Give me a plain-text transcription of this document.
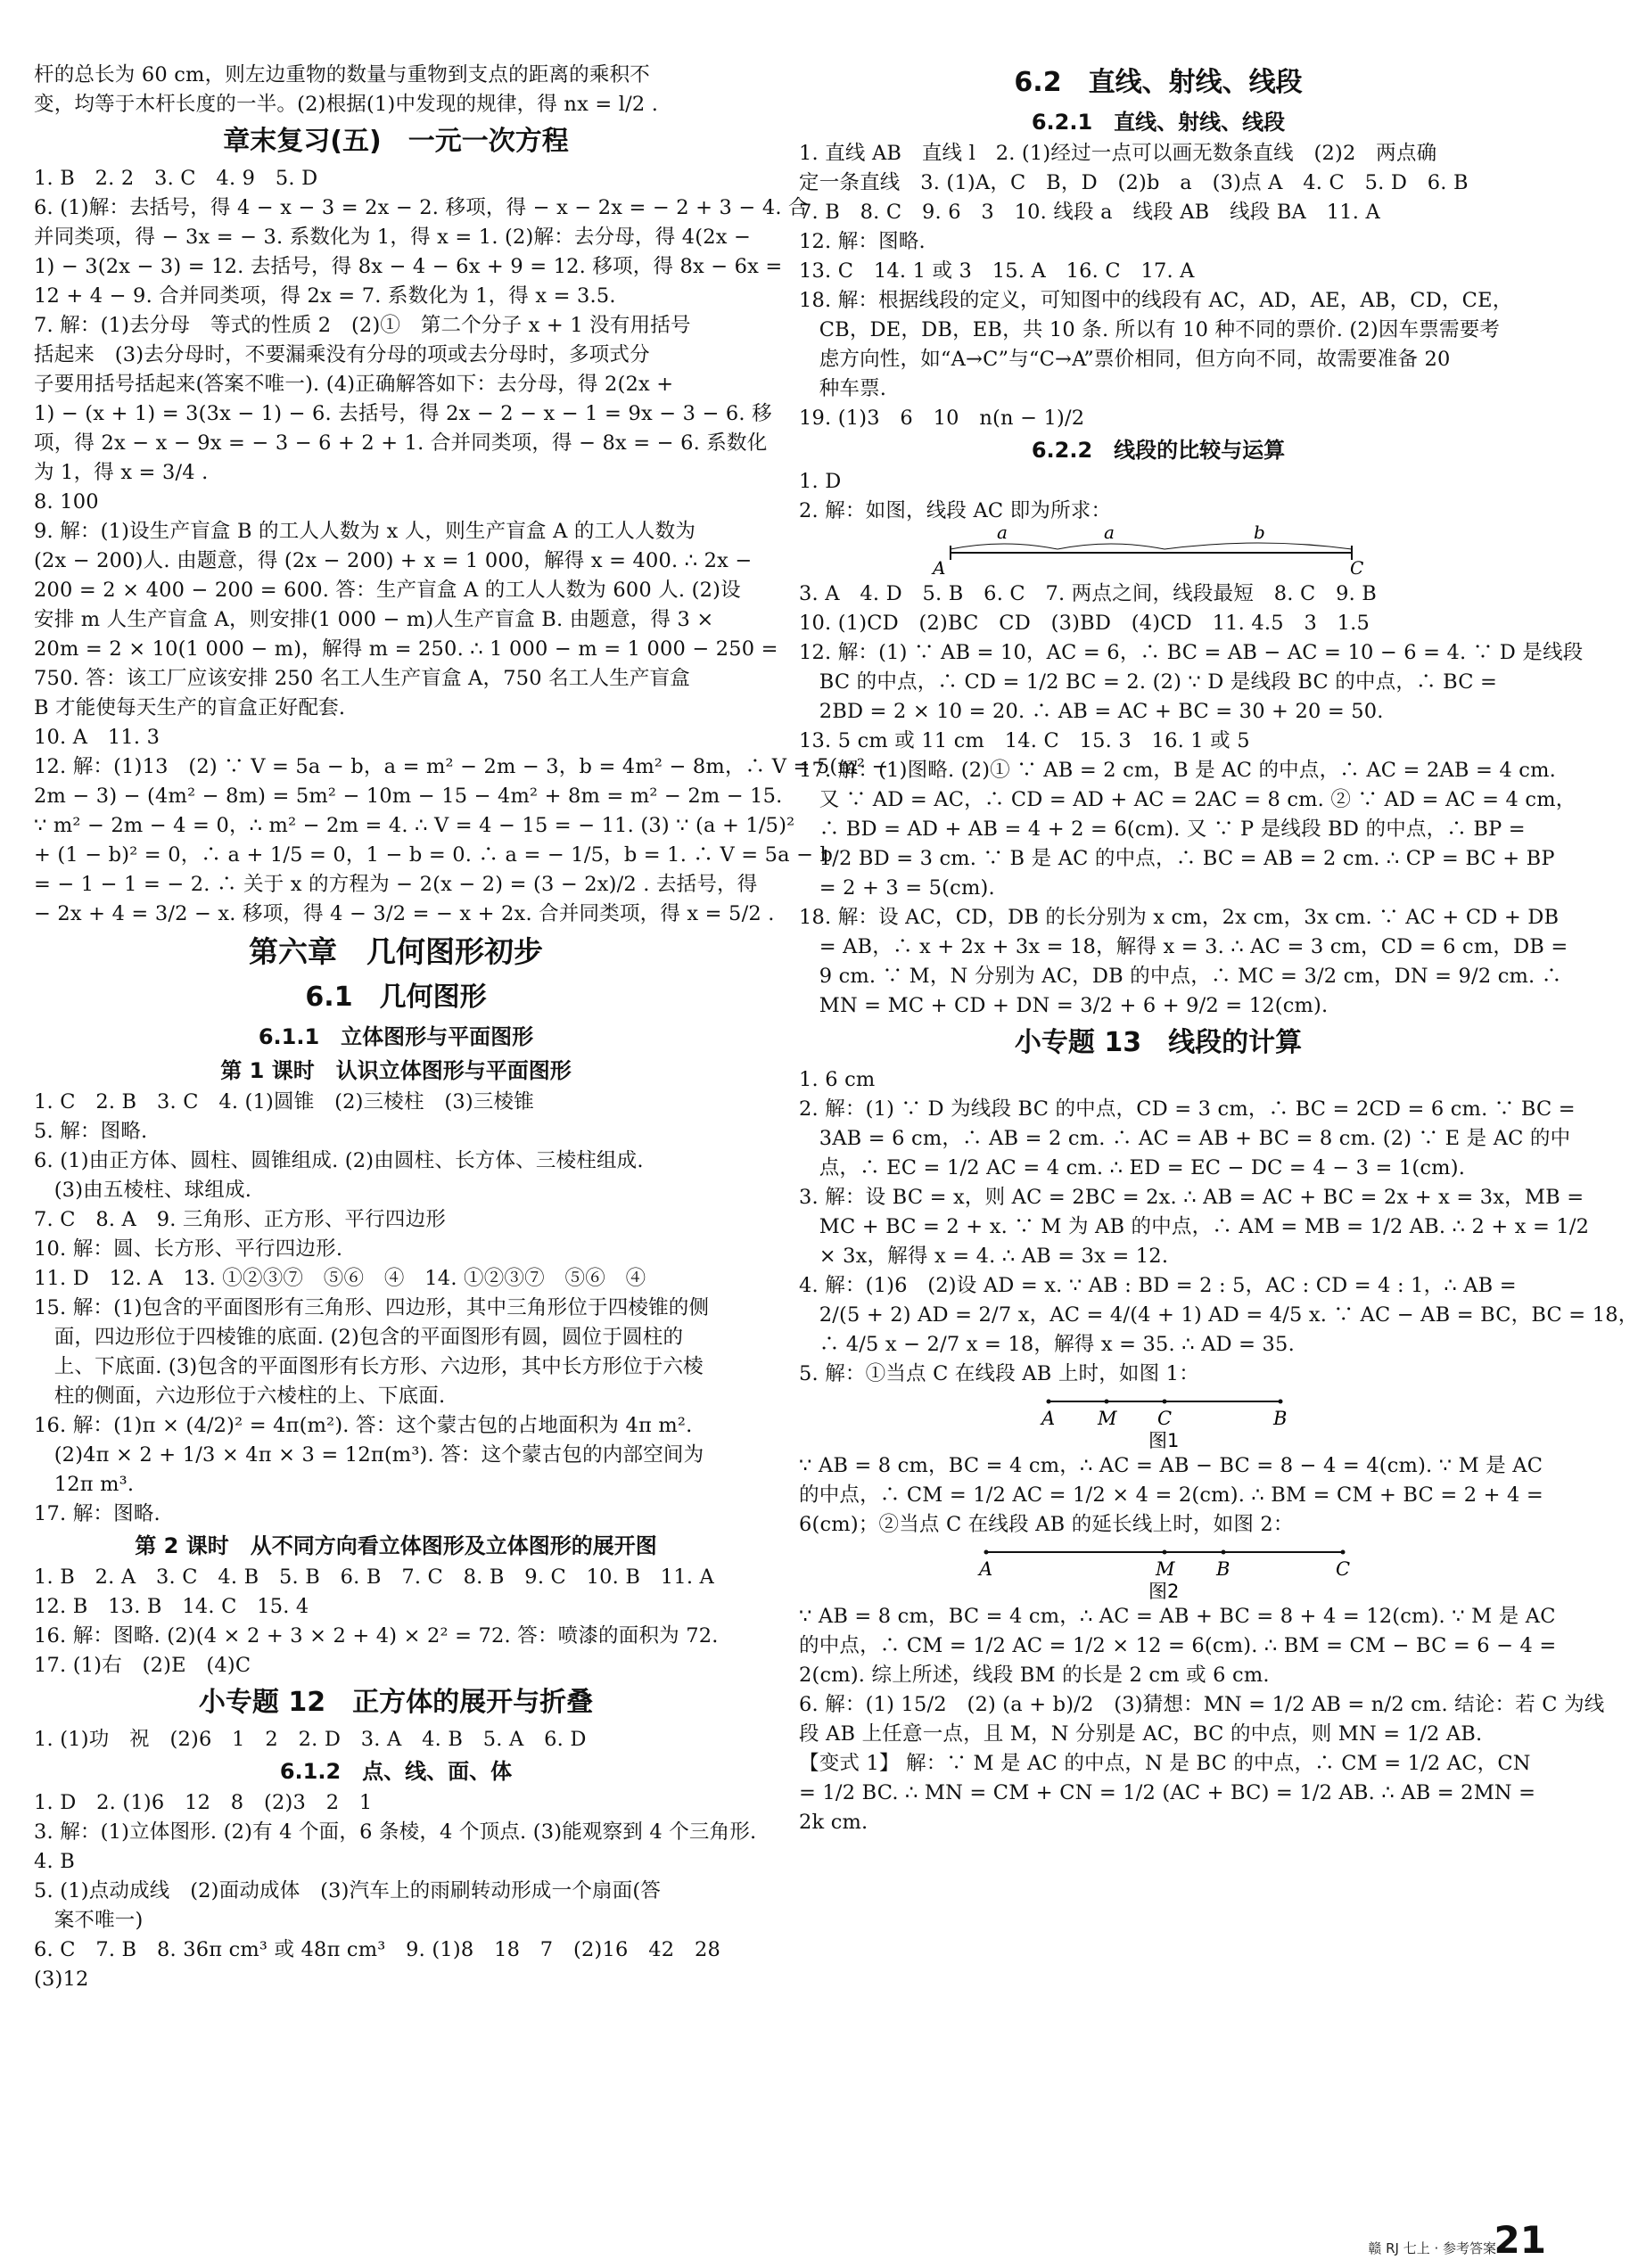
杆的总长为 60 cm，则左边重物的数量与重物到支点的距离的乘积不

变，均等于木杆长度的一半。(2)根据(1)中发现的规律，得 nx = l/2 .

章末复习(五)　一元一次方程

1. B　2. 2　3. C　4. 9　5. D

6. (1)解：去括号，得 4 − x − 3 = 2x − 2. 移项，得 − x − 2x = − 2 + 3 − 4. 合

并同类项，得 − 3x = − 3. 系数化为 1，得 x = 1. (2)解：去分母，得 4(2x −

1) − 3(2x − 3) = 12. 去括号，得 8x − 4 − 6x + 9 = 12. 移项，得 8x − 6x =

12 + 4 − 9. 合并同类项，得 2x = 7. 系数化为 1，得 x = 3.5.

7. 解：(1)去分母　等式的性质 2　(2)①　第二个分子 x + 1 没有用括号

括起来　(3)去分母时，不要漏乘没有分母的项或去分母时，多项式分

子要用括号括起来(答案不唯一). (4)正确解答如下：去分母，得 2(2x +

1) − (x + 1) = 3(3x − 1) − 6. 去括号，得 2x − 2 − x − 1 = 9x − 3 − 6. 移

项，得 2x − x − 9x = − 3 − 6 + 2 + 1. 合并同类项，得 − 8x = − 6. 系数化

为 1，得 x = 3/4 .

8. 100

9. 解：(1)设生产盲盒 B 的工人人数为 x 人，则生产盲盒 A 的工人人数为

(2x − 200)人. 由题意，得 (2x − 200) + x = 1 000，解得 x = 400. ∴ 2x −

200 = 2 × 400 − 200 = 600. 答：生产盲盒 A 的工人人数为 600 人. (2)设

安排 m 人生产盲盒 A，则安排(1 000 − m)人生产盲盒 B. 由题意，得 3 ×

20m = 2 × 10(1 000 − m)，解得 m = 250. ∴ 1 000 − m = 1 000 − 250 =

750. 答：该工厂应该安排 250 名工人生产盲盒 A，750 名工人生产盲盒

B 才能使每天生产的盲盒正好配套.

10. A　11. 3

12. 解：(1)13　(2) ∵ V = 5a − b，a = m² − 2m − 3，b = 4m² − 8m，∴ V = 5(m² −

2m − 3) − (4m² − 8m) = 5m² − 10m − 15 − 4m² + 8m = m² − 2m − 15.

∵ m² − 2m − 4 = 0，∴ m² − 2m = 4. ∴ V = 4 − 15 = − 11. (3) ∵ (a + 1/5)²

+ (1 − b)² = 0，∴ a + 1/5 = 0，1 − b = 0. ∴ a = − 1/5，b = 1. ∴ V = 5a − b

= − 1 − 1 = − 2. ∴ 关于 x 的方程为 − 2(x − 2) = (3 − 2x)/2 . 去括号，得

− 2x + 4 = 3/2 − x. 移项，得 4 − 3/2 = − x + 2x. 合并同类项，得 x = 5/2 .

第六章　几何图形初步
6.1　几何图形
6.1.1　立体图形与平面图形
第 1 课时　认识立体图形与平面图形

1. C　2. B　3. C　4. (1)圆锥　(2)三棱柱　(3)三棱锥

5. 解：图略.

6. (1)由正方体、圆柱、圆锥组成. (2)由圆柱、长方体、三棱柱组成.

　(3)由五棱柱、球组成.

7. C　8. A　9. 三角形、正方形、平行四边形

10. 解：圆、长方形、平行四边形.

11. D　12. A　13. ①②③⑦　⑤⑥　④　14. ①②③⑦　⑤⑥　④

15. 解：(1)包含的平面图形有三角形、四边形，其中三角形位于四棱锥的侧

　面，四边形位于四棱锥的底面. (2)包含的平面图形有圆，圆位于圆柱的

　上、下底面. (3)包含的平面图形有长方形、六边形，其中长方形位于六棱

　柱的侧面，六边形位于六棱柱的上、下底面.

16. 解：(1)π × (4/2)² = 4π(m²). 答：这个蒙古包的占地面积为 4π m².

　(2)4π × 2 + 1/3 × 4π × 3 = 12π(m³). 答：这个蒙古包的内部空间为

　12π m³.

17. 解：图略.

第 2 课时　从不同方向看立体图形及立体图形的展开图

1. B　2. A　3. C　4. B　5. B　6. B　7. C　8. B　9. C　10. B　11. A

12. B　13. B　14. C　15. 4

16. 解：图略. (2)(4 × 2 + 3 × 2 + 4) × 2² = 72. 答：喷漆的面积为 72.

17. (1)右　(2)E　(4)C

小专题 12　正方体的展开与折叠

1. (1)功　祝　(2)6　1　2　2. D　3. A　4. B　5. A　6. D

6.1.2　点、线、面、体

1. D　2. (1)6　12　8　(2)3　2　1

3. 解：(1)立体图形. (2)有 4 个面，6 条棱，4 个顶点. (3)能观察到 4 个三角形.

4. B

5. (1)点动成线　(2)面动成体　(3)汽车上的雨刷转动形成一个扇面(答

　案不唯一)

6. C　7. B　8. 36π cm³ 或 48π cm³　9. (1)8　18　7　(2)16　42　28

(3)12

6.2　直线、射线、线段
6.2.1　直线、射线、线段

1. 直线 AB　直线 l　2. (1)经过一点可以画无数条直线　(2)2　两点确

定一条直线　3. (1)A，C　B，D　(2)b　a　(3)点 A　4. C　5. D　6. B

7. B　8. C　9. 6　3　10. 线段 a　线段 AB　线段 BA　11. A

12. 解：图略.

13. C　14. 1 或 3　15. A　16. C　17. A

18. 解：根据线段的定义，可知图中的线段有 AC，AD，AE，AB，CD，CE，

　CB，DE，DB，EB，共 10 条. 所以有 10 种不同的票价. (2)因车票需要考

　虑方向性，如“A→C”与“C→A”票价相同，但方向不同，故需要准备 20

　种车票.

19. (1)3　6　10　n(n − 1)/2

6.2.2　线段的比较与运算

1. D

2. 解：如图，线段 AC 即为所求：

A
a	a	b
C

3. A　4. D　5. B　6. C　7. 两点之间，线段最短　8. C　9. B

10. (1)CD　(2)BC　CD　(3)BD　(4)CD　11. 4.5　3　1.5

12. 解：(1) ∵ AB = 10，AC = 6，∴ BC = AB − AC = 10 − 6 = 4. ∵ D 是线段

　BC 的中点，∴ CD = 1/2 BC = 2. (2) ∵ D 是线段 BC 的中点，∴ BC =

　2BD = 2 × 10 = 20. ∴ AB = AC + BC = 30 + 20 = 50.

13. 5 cm 或 11 cm　14. C　15. 3　16. 1 或 5

17. 解：(1)图略. (2)① ∵ AB = 2 cm，B 是 AC 的中点，∴ AC = 2AB = 4 cm.

　又 ∵ AD = AC，∴ CD = AD + AC = 2AC = 8 cm. ② ∵ AD = AC = 4 cm，

　∴ BD = AD + AB = 4 + 2 = 6(cm). 又 ∵ P 是线段 BD 的中点，∴ BP =

　1/2 BD = 3 cm. ∵ B 是 AC 的中点，∴ BC = AB = 2 cm. ∴ CP = BC + BP

　= 2 + 3 = 5(cm).

18. 解：设 AC，CD，DB 的长分别为 x cm，2x cm，3x cm. ∵ AC + CD + DB

　= AB，∴ x + 2x + 3x = 18，解得 x = 3. ∴ AC = 3 cm，CD = 6 cm，DB =

　9 cm. ∵ M，N 分别为 AC，DB 的中点，∴ MC = 3/2 cm，DN = 9/2 cm. ∴

　MN = MC + CD + DN = 3/2 + 6 + 9/2 = 12(cm).

小专题 13　线段的计算

1. 6 cm

2. 解：(1) ∵ D 为线段 BC 的中点，CD = 3 cm，∴ BC = 2CD = 6 cm. ∵ BC =

　3AB = 6 cm，∴ AB = 2 cm. ∴ AC = AB + BC = 8 cm. (2) ∵ E 是 AC 的中

　点，∴ EC = 1/2 AC = 4 cm. ∴ ED = EC − DC = 4 − 3 = 1(cm).

3. 解：设 BC = x，则 AC = 2BC = 2x. ∴ AB = AC + BC = 2x + x = 3x，MB =

　MC + BC = 2 + x. ∵ M 为 AB 的中点，∴ AM = MB = 1/2 AB. ∴ 2 + x = 1/2

　× 3x，解得 x = 4. ∴ AB = 3x = 12.

4. 解：(1)6　(2)设 AD = x. ∵ AB : BD = 2 : 5，AC : CD = 4 : 1，∴ AB =

　2/(5 + 2) AD = 2/7 x，AC = 4/(4 + 1) AD = 4/5 x. ∵ AC − AB = BC，BC = 18，

　∴ 4/5 x − 2/7 x = 18，解得 x = 35. ∴ AD = 35.

5. 解：①当点 C 在线段 AB 上时，如图 1：

A M C	B
图1

∵ AB = 8 cm，BC = 4 cm，∴ AC = AB − BC = 8 − 4 = 4(cm). ∵ M 是 AC

的中点，∴ CM = 1/2 AC = 1/2 × 4 = 2(cm). ∴ BM = CM + BC = 2 + 4 =

6(cm)；②当点 C 在线段 AB 的延长线上时，如图 2：

A	M B	C
图2

∵ AB = 8 cm，BC = 4 cm，∴ AC = AB + BC = 8 + 4 = 12(cm). ∵ M 是 AC

的中点，∴ CM = 1/2 AC = 1/2 × 12 = 6(cm). ∴ BM = CM − BC = 6 − 4 =

2(cm). 综上所述，线段 BM 的长是 2 cm 或 6 cm.

6. 解：(1) 15/2　(2) (a + b)/2　(3)猜想：MN = 1/2 AB = n/2 cm. 结论：若 C 为线

段 AB 上任意一点，且 M，N 分别是 AC，BC 的中点，则 MN = 1/2 AB.

【变式 1】 解：∵ M 是 AC 的中点，N 是 BC 的中点，∴ CM = 1/2 AC，CN

= 1/2 BC. ∴ MN = CM + CN = 1/2 (AC + BC) = 1/2 AB. ∴ AB = 2MN =

2k cm.

赣 RJ 七上 · 参考答案
21
